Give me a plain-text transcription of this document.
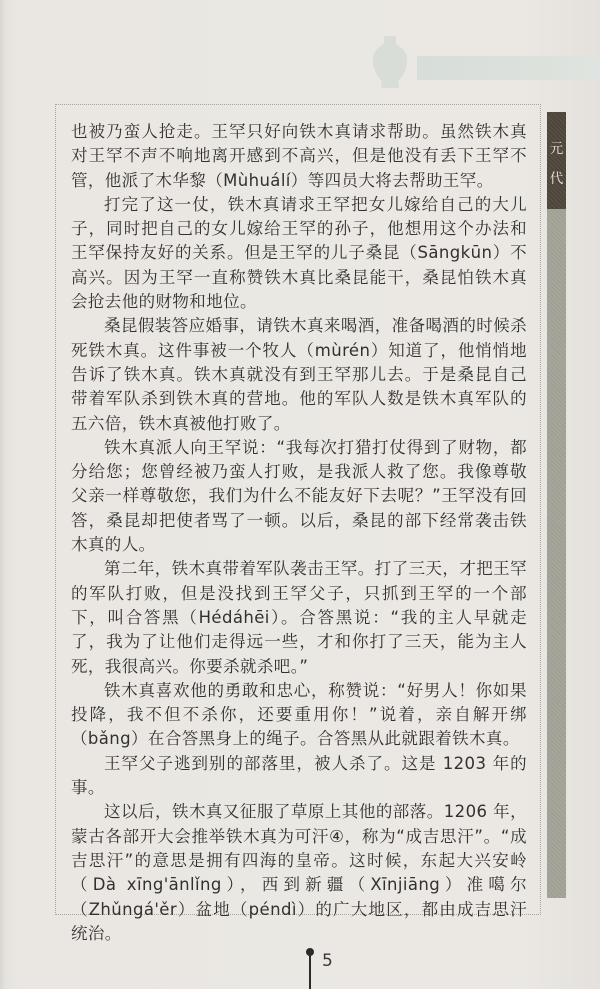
也被乃蛮人抢走。王罕只好向铁木真请求帮助。虽然铁木真对王罕不声不响地离开感到不高兴，但是他没有丢下王罕不管，他派了木华黎（Mùhuálí）等四员大将去帮助王罕。

打完了这一仗，铁木真请求王罕把女儿嫁给自己的大儿子，同时把自己的女儿嫁给王罕的孙子，他想用这个办法和王罕保持友好的关系。但是王罕的儿子桑昆（Sāngkūn）不高兴。因为王罕一直称赞铁木真比桑昆能干，桑昆怕铁木真会抢去他的财物和地位。

桑昆假装答应婚事，请铁木真来喝酒，准备喝酒的时候杀死铁木真。这件事被一个牧人（mùrén）知道了，他悄悄地告诉了铁木真。铁木真就没有到王罕那儿去。于是桑昆自己带着军队杀到铁木真的营地。他的军队人数是铁木真军队的五六倍，铁木真被他打败了。

铁木真派人向王罕说：“我每次打猎打仗得到了财物，都分给您；您曾经被乃蛮人打败，是我派人救了您。我像尊敬父亲一样尊敬您，我们为什么不能友好下去呢？”王罕没有回答，桑昆却把使者骂了一顿。以后，桑昆的部下经常袭击铁木真的人。

第二年，铁木真带着军队袭击王罕。打了三天，才把王罕的军队打败，但是没找到王罕父子，只抓到王罕的一个部下，叫合答黑（Hédáhēi）。合答黑说：“我的主人早就走了，我为了让他们走得远一些，才和你打了三天，能为主人死，我很高兴。你要杀就杀吧。”

铁木真喜欢他的勇敢和忠心，称赞说：“好男人！你如果投降，我不但不杀你，还要重用你！”说着，亲自解开绑（bǎng）在合答黑身上的绳子。合答黑从此就跟着铁木真。

王罕父子逃到别的部落里，被人杀了。这是 1203 年的事。

这以后，铁木真又征服了草原上其他的部落。1206 年，蒙古各部开大会推举铁木真为可汗④，称为“成吉思汗”。“成吉思汗”的意思是拥有四海的皇帝。这时候，东起大兴安岭（Dà xīng'ānlǐng），西到新疆（Xīnjiāng）准噶尔（Zhǔngá'ěr）盆地（péndì）的广大地区，都由成吉思汗统治。

元代
5
